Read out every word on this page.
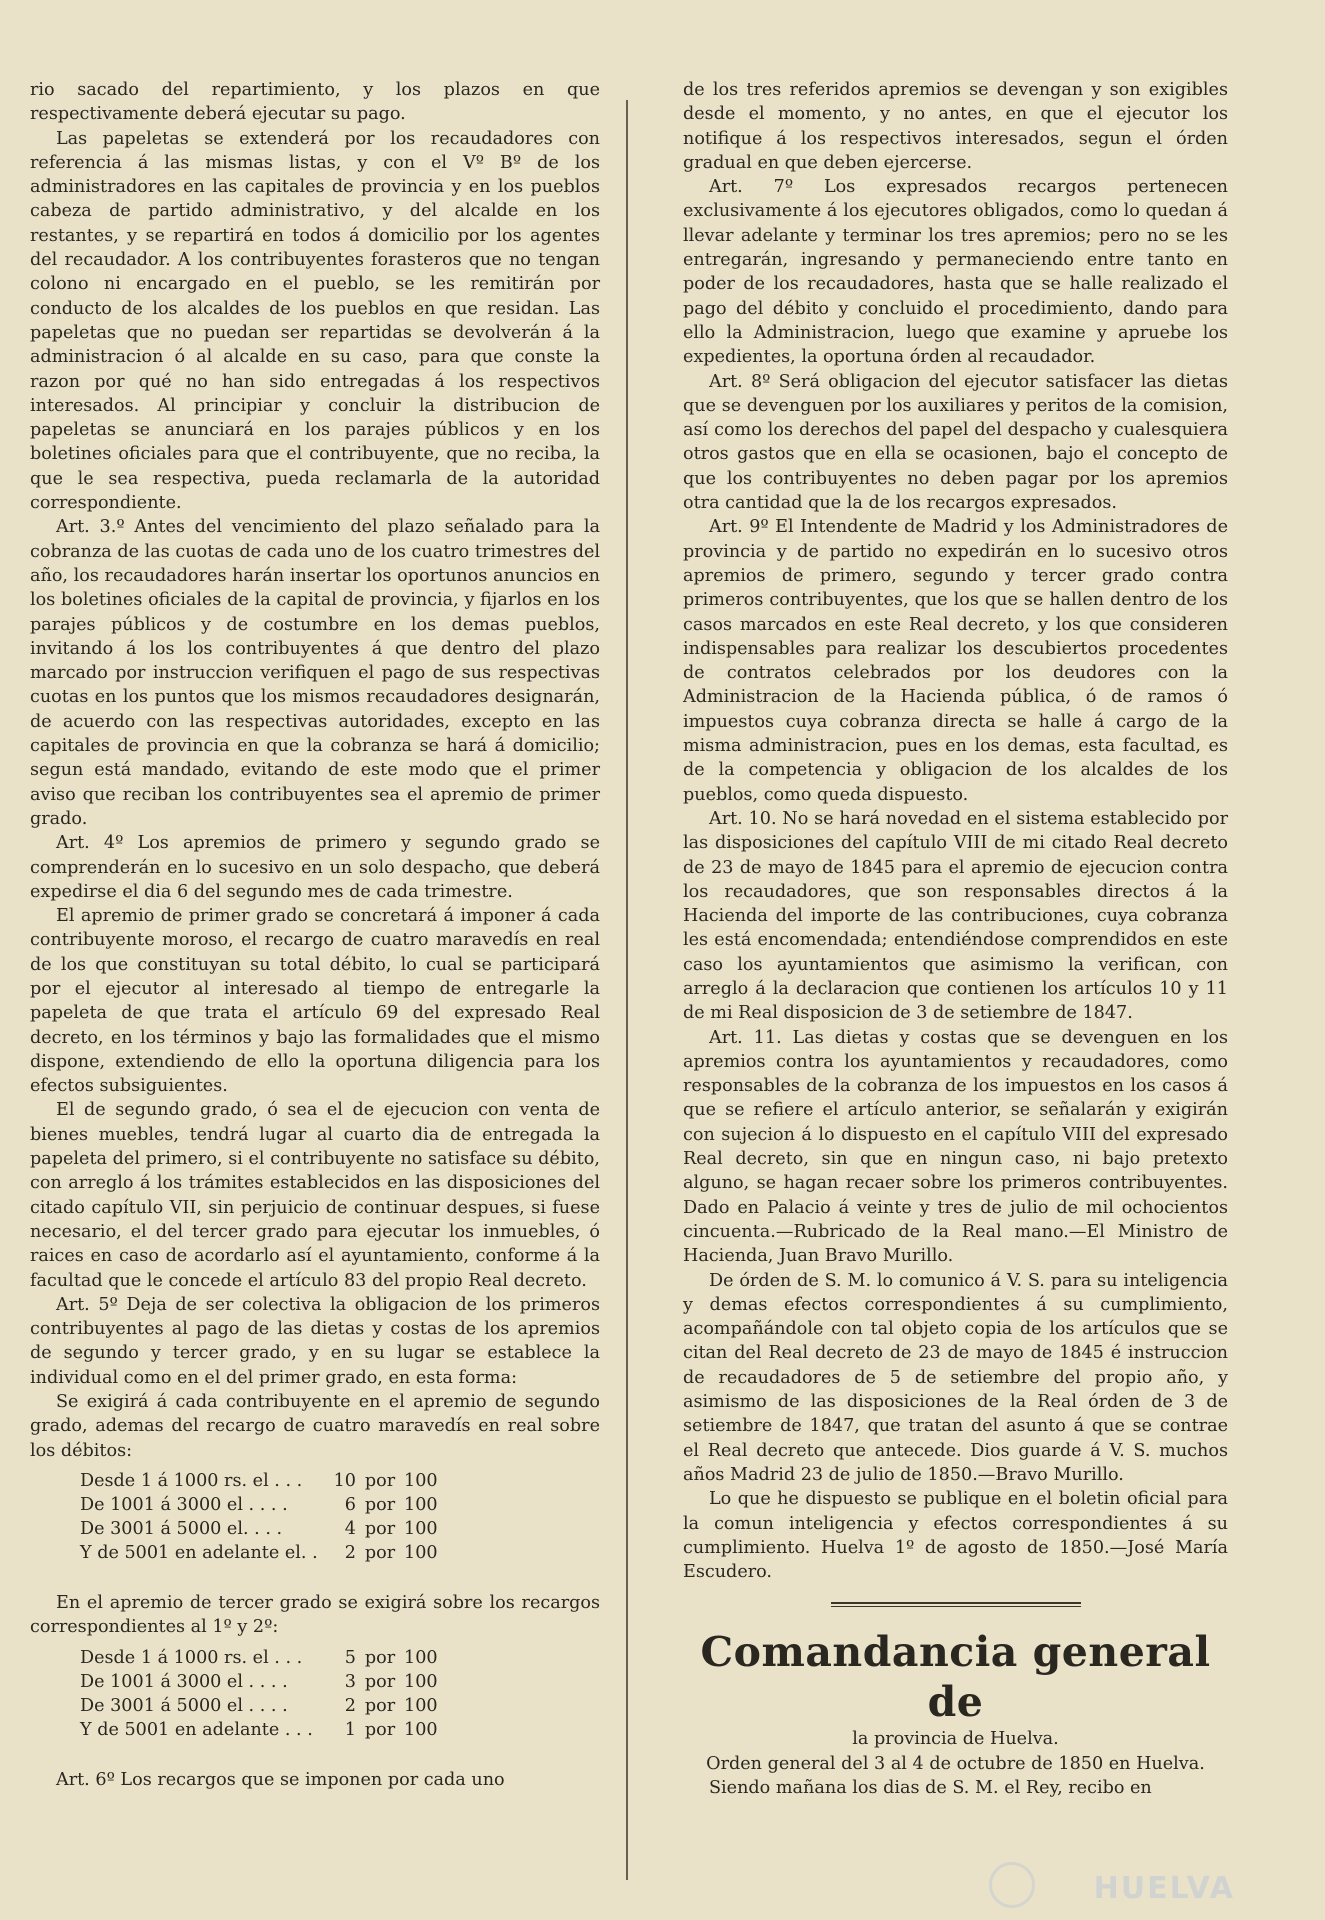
rio sacado del repartimiento, y los plazos en que respectivamente deberá ejecutar su pago.

Las papeletas se extenderá por los recaudadores con referencia á las mismas listas, y con el Vº Bº de los administradores en las capitales de provincia y en los pueblos cabeza de partido administrativo, y del alcalde en los restantes, y se repartirá en todos á domicilio por los agentes del recaudador. A los contribuyentes forasteros que no tengan colono ni encargado en el pueblo, se les remitirán por conducto de los alcaldes de los pueblos en que residan. Las papeletas que no puedan ser repartidas se devolverán á la administracion ó al alcalde en su caso, para que conste la razon por qué no han sido entregadas á los respectivos interesados. Al principiar y concluir la distribucion de papeletas se anunciará en los parajes públicos y en los boletines oficiales para que el contribuyente, que no reciba, la que le sea respectiva, pueda reclamarla de la autoridad correspondiente.

Art. 3.º Antes del vencimiento del plazo señalado para la cobranza de las cuotas de cada uno de los cuatro trimestres del año, los recaudadores harán insertar los oportunos anuncios en los boletines oficiales de la capital de provincia, y fijarlos en los parajes públicos y de costumbre en los demas pueblos, invitando á los los contribuyentes á que dentro del plazo marcado por instruccion verifiquen el pago de sus respectivas cuotas en los puntos que los mismos recaudadores designarán, de acuerdo con las respectivas autoridades, excepto en las capitales de provincia en que la cobranza se hará á domicilio; segun está mandado, evitando de este modo que el primer aviso que reciban los contribuyentes sea el apremio de primer grado.

Art. 4º Los apremios de primero y segundo grado se comprenderán en lo sucesivo en un solo despacho, que deberá expedirse el dia 6 del segundo mes de cada trimestre.

El apremio de primer grado se concretará á imponer á cada contribuyente moroso, el recargo de cuatro maravedís en real de los que constituyan su total débito, lo cual se participará por el ejecutor al interesado al tiempo de entregarle la papeleta de que trata el artículo 69 del expresado Real decreto, en los términos y bajo las formalidades que el mismo dispone, extendiendo de ello la oportuna diligencia para los efectos subsiguientes.

El de segundo grado, ó sea el de ejecucion con venta de bienes muebles, tendrá lugar al cuarto dia de entregada la papeleta del primero, si el contribuyente no satisface su débito, con arreglo á los trámites establecidos en las disposiciones del citado capítulo VII, sin perjuicio de continuar despues, si fuese necesario, el del tercer grado para ejecutar los inmuebles, ó raices en caso de acordarlo así el ayuntamiento, conforme á la facultad que le concede el artículo 83 del propio Real decreto.

Art. 5º Deja de ser colectiva la obligacion de los primeros contribuyentes al pago de las dietas y costas de los apremios de segundo y tercer grado, y en su lugar se establece la individual como en el del primer grado, en esta forma:

Se exigirá á cada contribuyente en el apremio de segundo grado, ademas del recargo de cuatro maravedís en real sobre los débitos:

Desde 1 á 1000 rs. el . . .	10 por 100
De 1001 á 3000 el . . . .	6 por 100
De 3001 á 5000 el. . . .	4 por 100
Y de 5001 en adelante el. .	2 por 100

En el apremio de tercer grado se exigirá sobre los recargos correspondientes al 1º y 2º:

Desde 1 á 1000 rs. el . . .	5 por 100
De 1001 á 3000 el . . . .	3 por 100
De 3001 á 5000 el . . . .	2 por 100
Y de 5001 en adelante . . .	1 por 100

Art. 6º Los recargos que se imponen por cada uno

de los tres referidos apremios se devengan y son exigibles desde el momento, y no antes, en que el ejecutor los notifique á los respectivos interesados, segun el órden gradual en que deben ejercerse.

Art. 7º Los expresados recargos pertenecen exclusivamente á los ejecutores obligados, como lo quedan á llevar adelante y terminar los tres apremios; pero no se les entregarán, ingresando y permaneciendo entre tanto en poder de los recaudadores, hasta que se halle realizado el pago del débito y concluido el procedimiento, dando para ello la Administracion, luego que examine y apruebe los expedientes, la oportuna órden al recaudador.

Art. 8º Será obligacion del ejecutor satisfacer las dietas que se devenguen por los auxiliares y peritos de la comision, así como los derechos del papel del despacho y cualesquiera otros gastos que en ella se ocasionen, bajo el concepto de que los contribuyentes no deben pagar por los apremios otra cantidad que la de los recargos expresados.

Art. 9º El Intendente de Madrid y los Administradores de provincia y de partido no expedirán en lo sucesivo otros apremios de primero, segundo y tercer grado contra primeros contribuyentes, que los que se hallen dentro de los casos marcados en este Real decreto, y los que consideren indispensables para realizar los descubiertos procedentes de contratos celebrados por los deudores con la Administracion de la Hacienda pública, ó de ramos ó impuestos cuya cobranza directa se halle á cargo de la misma administracion, pues en los demas, esta facultad, es de la competencia y obligacion de los alcaldes de los pueblos, como queda dispuesto.

Art. 10. No se hará novedad en el sistema establecido por las disposiciones del capítulo VIII de mi citado Real decreto de 23 de mayo de 1845 para el apremio de ejecucion contra los recaudadores, que son responsables directos á la Hacienda del importe de las contribuciones, cuya cobranza les está encomendada; entendiéndose comprendidos en este caso los ayuntamientos que asimismo la verifican, con arreglo á la declaracion que contienen los artículos 10 y 11 de mi Real disposicion de 3 de setiembre de 1847.

Art. 11. Las dietas y costas que se devenguen en los apremios contra los ayuntamientos y recaudadores, como responsables de la cobranza de los impuestos en los casos á que se refiere el artículo anterior, se señalarán y exigirán con sujecion á lo dispuesto en el capítulo VIII del expresado Real decreto, sin que en ningun caso, ni bajo pretexto alguno, se hagan recaer sobre los primeros contribuyentes. Dado en Palacio á veinte y tres de julio de mil ochocientos cincuenta.—Rubricado de la Real mano.—El Ministro de Hacienda, Juan Bravo Murillo.

De órden de S. M. lo comunico á V. S. para su inteligencia y demas efectos correspondientes á su cumplimiento, acompañándole con tal objeto copia de los artículos que se citan del Real decreto de 23 de mayo de 1845 é instruccion de recaudadores de 5 de setiembre del propio año, y asimismo de las disposiciones de la Real órden de 3 de setiembre de 1847, que tratan del asunto á que se contrae el Real decreto que antecede. Dios guarde á V. S. muchos años Madrid 23 de julio de 1850.—Bravo Murillo.

Lo que he dispuesto se publique en el boletin oficial para la comun inteligencia y efectos correspondientes á su cumplimiento. Huelva 1º de agosto de 1850.—José María Escudero.

Comandancia general de

la provincia de Huelva.

Orden general del 3 al 4 de octubre de 1850 en Huelva.

Siendo mañana los dias de S. M. el Rey, recibo en

HUELVA
